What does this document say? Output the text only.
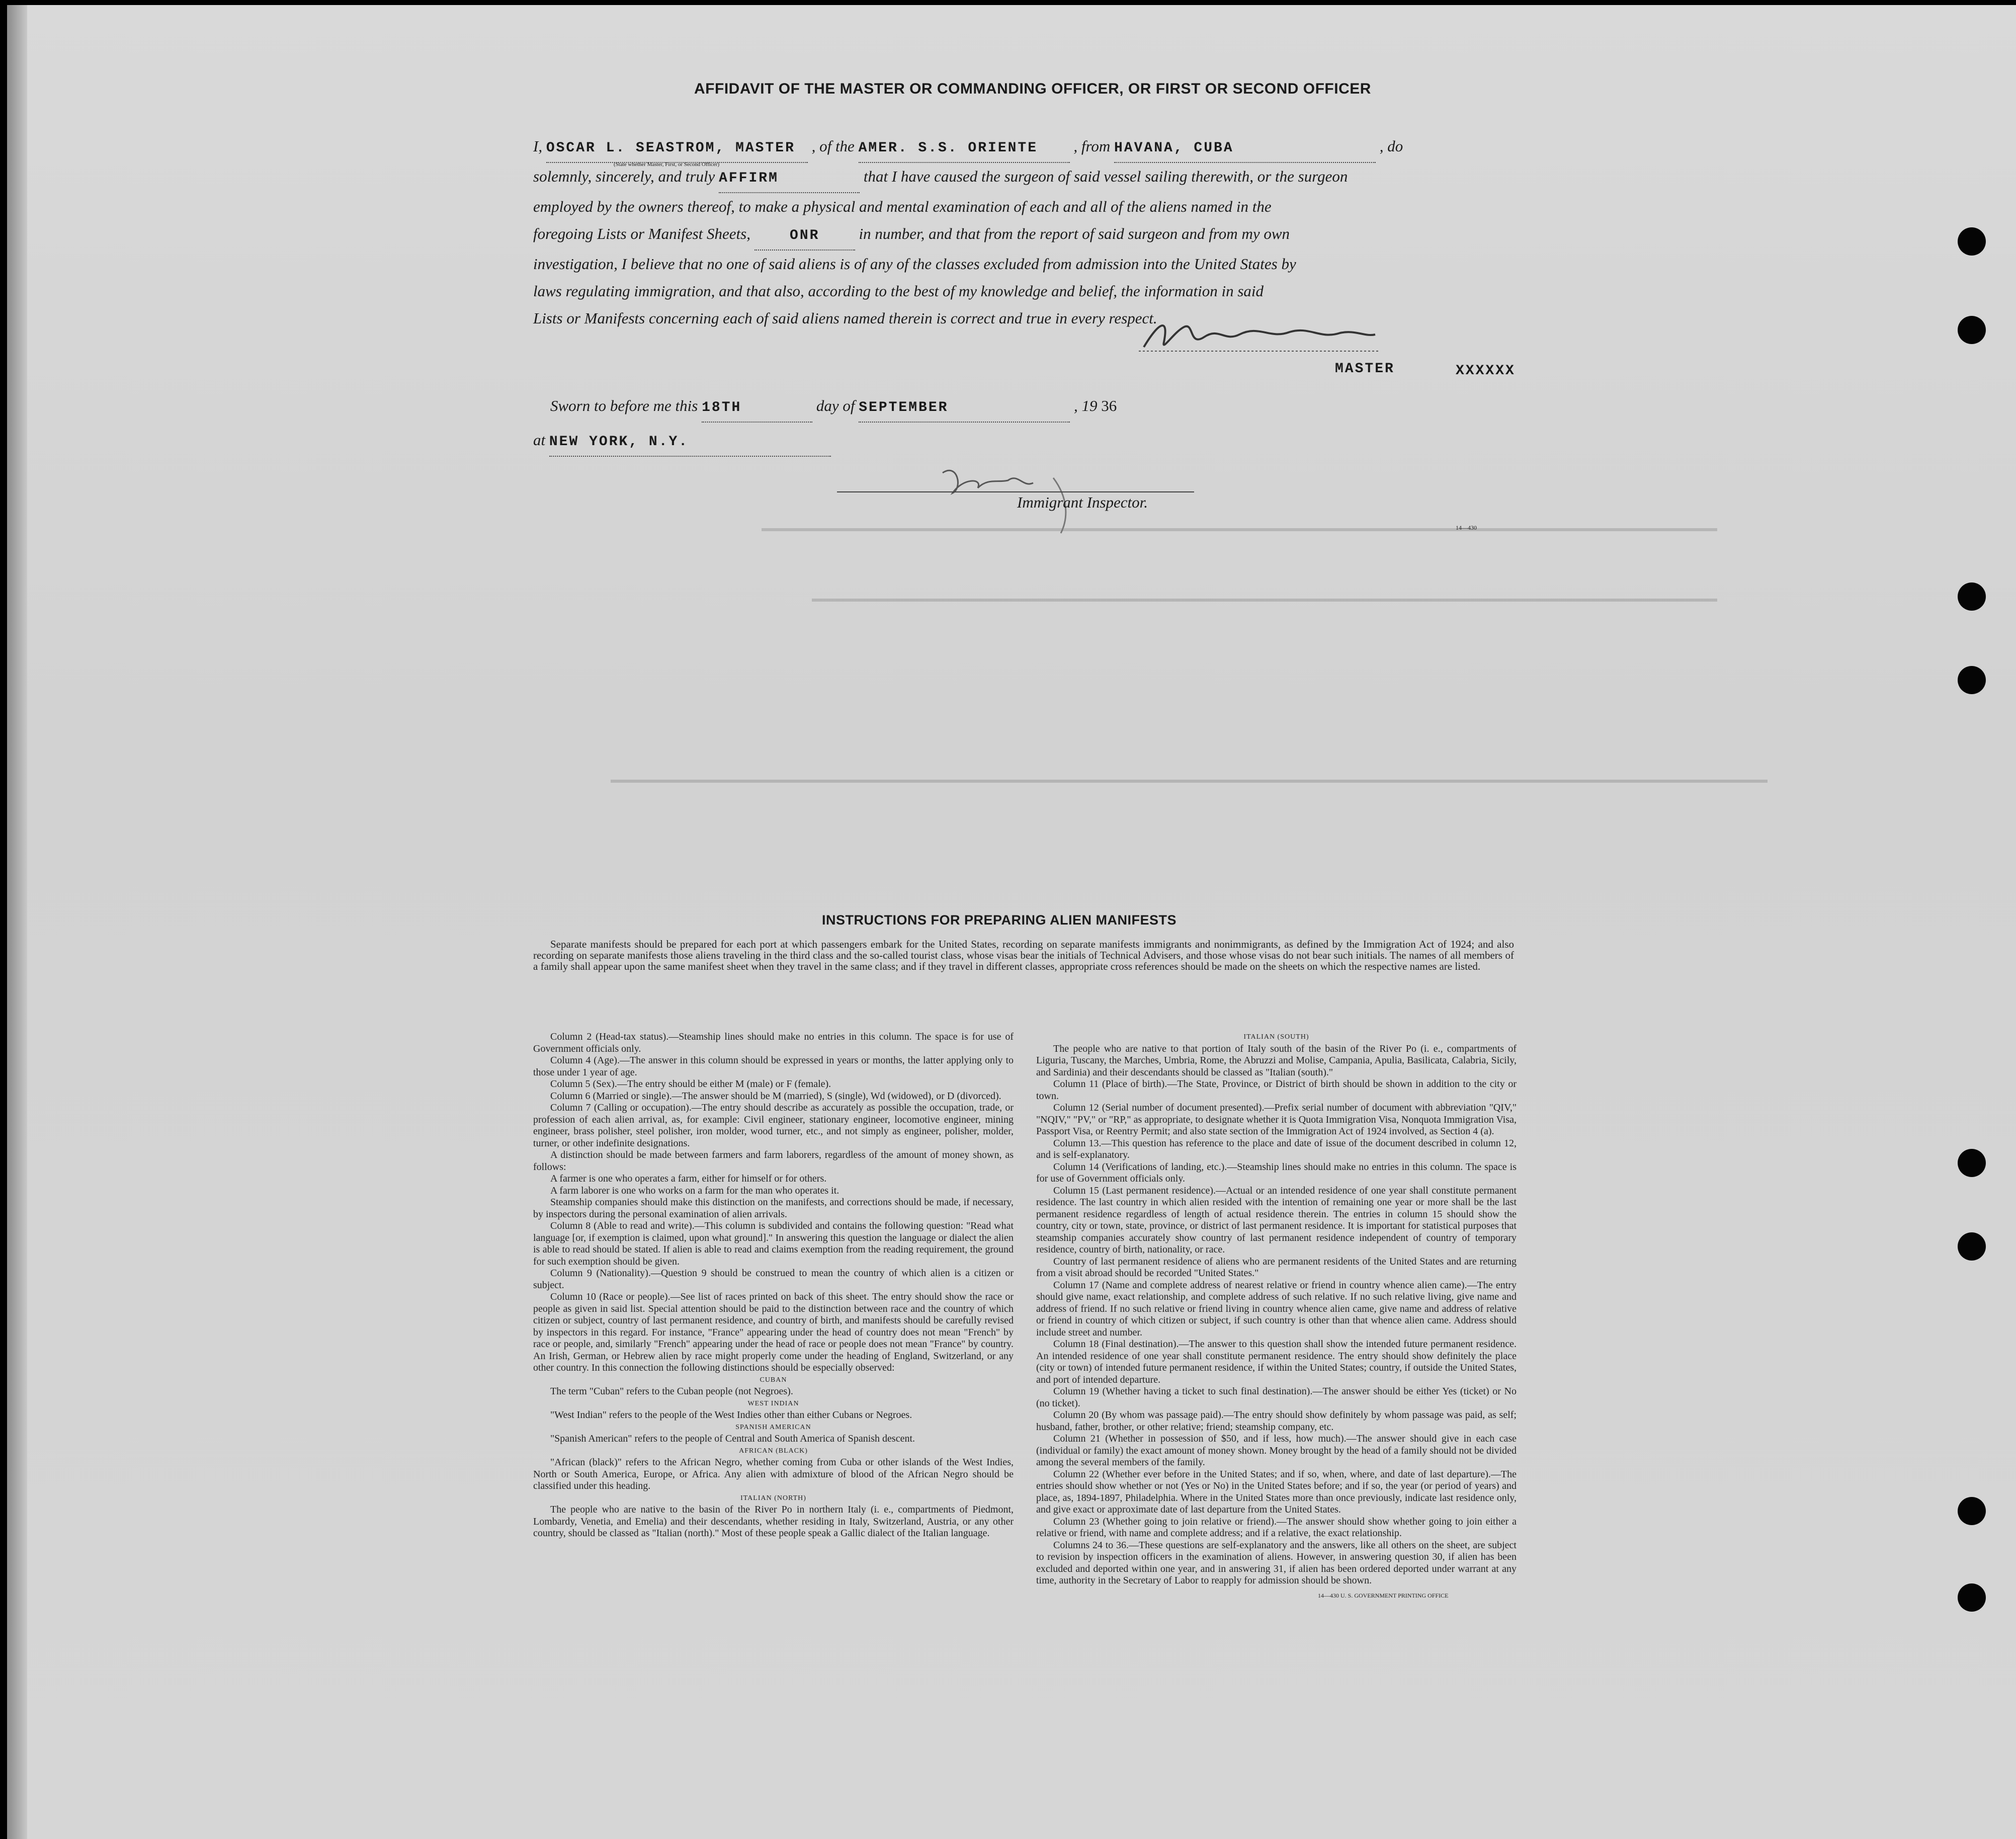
AFFIDAVIT OF THE MASTER OR COMMANDING OFFICER, OR FIRST OR SECOND OFFICER
I, OSCAR L. SEASTROM, MASTER , of the AMER. S.S. ORIENTE , from HAVANA, CUBA	, do
(State whether Master, First, or Second Officer)
solemnly, sincerely, and truly AFFIRM	that I have caused the surgeon of said vessel sailing therewith, or the surgeon
employed by the owners thereof, to make a physical and mental examination of each and all of the aliens named in the
foregoing Lists or Manifest Sheets,	ONR in number, and that from the report of said surgeon and from my own
investigation, I believe that no one of said aliens is of any of the classes excluded from admission into the United States by
laws regulating immigration, and that also, according to the best of my knowledge and belief, the information in said
Lists or Manifests concerning each of said aliens named therein is correct and true in every respect.
MASTER	XXXXXX
Sworn to before me this 18TH	day of SEPTEMBER	, 19 36
at NEW YORK, N.Y.
Immigrant Inspector.
14—430
INSTRUCTIONS FOR PREPARING ALIEN MANIFESTS
Separate manifests should be prepared for each port at which passengers embark for the United States, recording on separate manifests immigrants and nonimmigrants, as defined by the Immigration Act of 1924; and also recording on separate manifests those aliens traveling in the third class and the so-called tourist class, whose visas bear the initials of Technical Advisers, and those whose visas do not bear such initials. The names of all members of a family shall appear upon the same manifest sheet when they travel in the same class; and if they travel in different classes, appropriate cross references should be made on the sheets on which the respective names are listed.

Column 2 (Head-tax status).—Steamship lines should make no entries in this column. The space is for use of Government officials only.

Column 4 (Age).—The answer in this column should be expressed in years or months, the latter applying only to those under 1 year of age.

Column 5 (Sex).—The entry should be either M (male) or F (female).

Column 6 (Married or single).—The answer should be M (married), S (single), Wd (widowed), or D (divorced).

Column 7 (Calling or occupation).—The entry should describe as accurately as possible the occupation, trade, or profession of each alien arrival, as, for example: Civil engineer, stationary engineer, locomotive engineer, mining engineer, brass polisher, steel polisher, iron molder, wood turner, etc., and not simply as engineer, polisher, molder, turner, or other indefinite designations.

A distinction should be made between farmers and farm laborers, regardless of the amount of money shown, as follows:

A farmer is one who operates a farm, either for himself or for others.

A farm laborer is one who works on a farm for the man who operates it.

Steamship companies should make this distinction on the manifests, and corrections should be made, if necessary, by inspectors during the personal examination of alien arrivals.

Column 8 (Able to read and write).—This column is subdivided and contains the following question: "Read what language [or, if exemption is claimed, upon what ground]." In answering this question the language or dialect the alien is able to read should be stated. If alien is able to read and claims exemption from the reading requirement, the ground for such exemption should be given.

Column 9 (Nationality).—Question 9 should be construed to mean the country of which alien is a citizen or subject.

Column 10 (Race or people).—See list of races printed on back of this sheet. The entry should show the race or people as given in said list. Special attention should be paid to the distinction between race and the country of which citizen or subject, country of last permanent residence, and country of birth, and manifests should be carefully revised by inspectors in this regard. For instance, "France" appearing under the head of country does not mean "French" by race or people, and, similarly "French" appearing under the head of race or people does not mean "France" by country. An Irish, German, or Hebrew alien by race might properly come under the heading of England, Switzerland, or any other country. In this connection the following distinctions should be especially observed:

CUBAN

The term "Cuban" refers to the Cuban people (not Negroes).

WEST INDIAN

"West Indian" refers to the people of the West Indies other than either Cubans or Negroes.

SPANISH AMERICAN

"Spanish American" refers to the people of Central and South America of Spanish descent.

AFRICAN (BLACK)

"African (black)" refers to the African Negro, whether coming from Cuba or other islands of the West Indies, North or South America, Europe, or Africa. Any alien with admixture of blood of the African Negro should be classified under this heading.

ITALIAN (NORTH)

The people who are native to the basin of the River Po in northern Italy (i. e., compartments of Piedmont, Lombardy, Venetia, and Emelia) and their descendants, whether residing in Italy, Switzerland, Austria, or any other country, should be classed as "Italian (north)." Most of these people speak a Gallic dialect of the Italian language.

ITALIAN (SOUTH)

The people who are native to that portion of Italy south of the basin of the River Po (i. e., compartments of Liguria, Tuscany, the Marches, Umbria, Rome, the Abruzzi and Molise, Campania, Apulia, Basilicata, Calabria, Sicily, and Sardinia) and their descendants should be classed as "Italian (south)."

Column 11 (Place of birth).—The State, Province, or District of birth should be shown in addition to the city or town.

Column 12 (Serial number of document presented).—Prefix serial number of document with abbreviation "QIV," "NQIV," "PV," or "RP," as appropriate, to designate whether it is Quota Immigration Visa, Nonquota Immigration Visa, Passport Visa, or Reentry Permit; and also state section of the Immigration Act of 1924 involved, as Section 4 (a).

Column 13.—This question has reference to the place and date of issue of the document described in column 12, and is self-explanatory.

Column 14 (Verifications of landing, etc.).—Steamship lines should make no entries in this column. The space is for use of Government officials only.

Column 15 (Last permanent residence).—Actual or an intended residence of one year shall constitute permanent residence. The last country in which alien resided with the intention of remaining one year or more shall be the last permanent residence regardless of length of actual residence therein. The entries in column 15 should show the country, city or town, state, province, or district of last permanent residence. It is important for statistical purposes that steamship companies accurately show country of last permanent residence independent of country of temporary residence, country of birth, nationality, or race.

Country of last permanent residence of aliens who are permanent residents of the United States and are returning from a visit abroad should be recorded "United States."

Column 17 (Name and complete address of nearest relative or friend in country whence alien came).—The entry should give name, exact relationship, and complete address of such relative. If no such relative living, give name and address of friend. If no such relative or friend living in country whence alien came, give name and address of relative or friend in country of which citizen or subject, if such country is other than that whence alien came. Address should include street and number.

Column 18 (Final destination).—The answer to this question shall show the intended future permanent residence. An intended residence of one year shall constitute permanent residence. The entry should show definitely the place (city or town) of intended future permanent residence, if within the United States; country, if outside the United States, and port of intended departure.

Column 19 (Whether having a ticket to such final destination).—The answer should be either Yes (ticket) or No (no ticket).

Column 20 (By whom was passage paid).—The entry should show definitely by whom passage was paid, as self; husband, father, brother, or other relative; friend; steamship company, etc.

Column 21 (Whether in possession of $50, and if less, how much).—The answer should give in each case (individual or family) the exact amount of money shown. Money brought by the head of a family should not be divided among the several members of the family.

Column 22 (Whether ever before in the United States; and if so, when, where, and date of last departure).—The entries should show whether or not (Yes or No) in the United States before; and if so, the year (or period of years) and place, as, 1894-1897, Philadelphia. Where in the United States more than once previously, indicate last residence only, and give exact or approximate date of last departure from the United States.

Column 23 (Whether going to join relative or friend).—The answer should show whether going to join either a relative or friend, with name and complete address; and if a relative, the exact relationship.

Columns 24 to 36.—These questions are self-explanatory and the answers, like all others on the sheet, are subject to revision by inspection officers in the examination of aliens. However, in answering question 30, if alien has been excluded and deported within one year, and in answering 31, if alien has been ordered deported under warrant at any time, authority in the Secretary of Labor to reapply for admission should be shown.

14—430 U. S. GOVERNMENT PRINTING OFFICE
